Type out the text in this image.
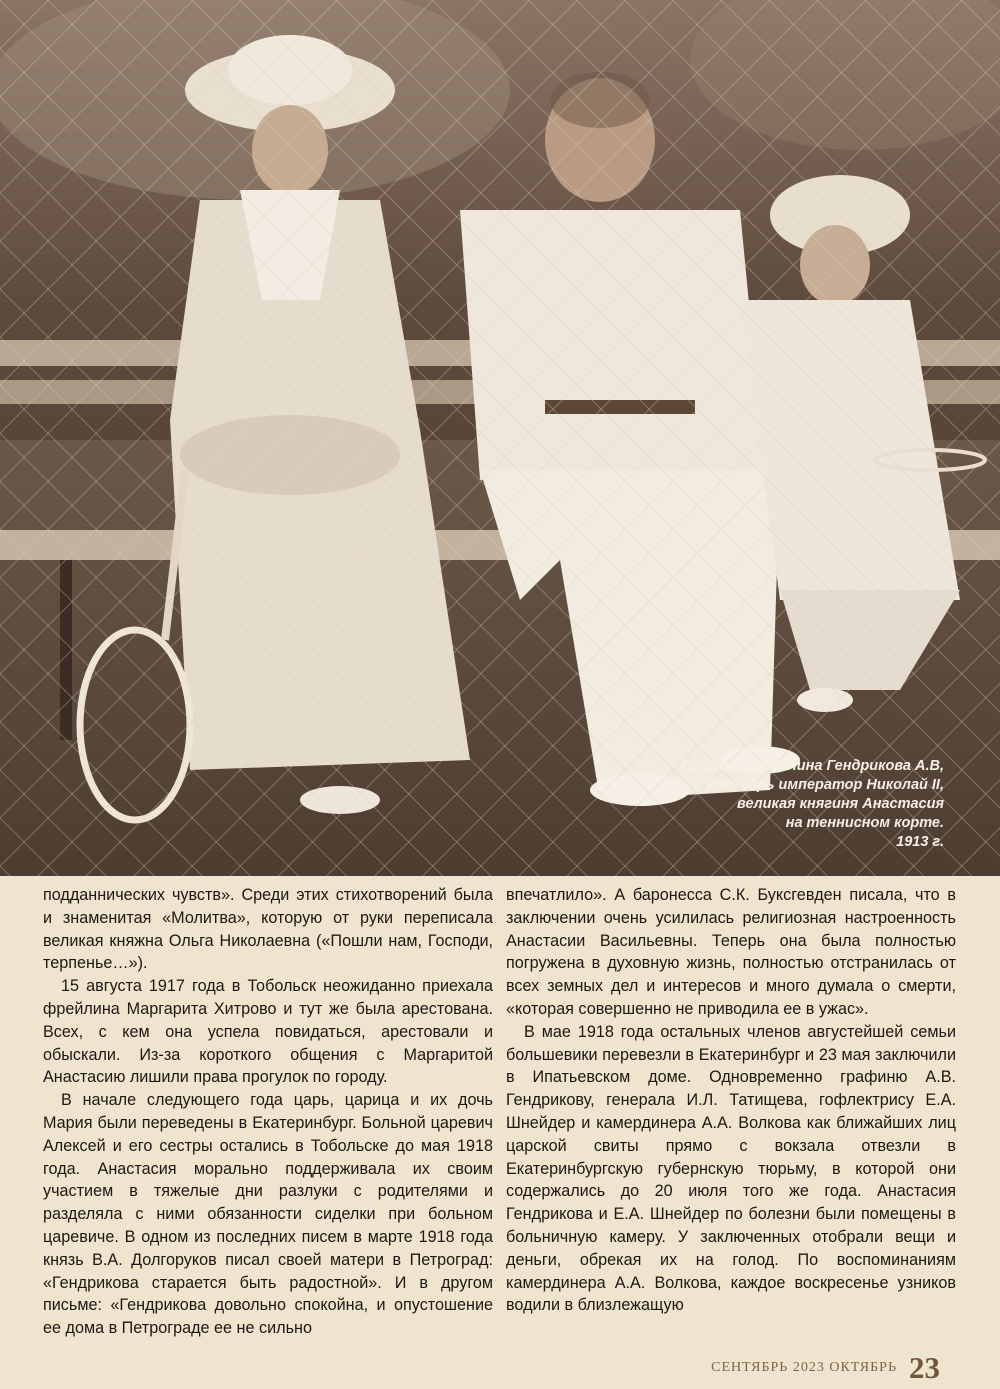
Графиня фрейлина Гендрикова А.В,
Государь император Николай II,
великая княгиня Анастасия
на теннисном корте.
1913 г.

подданнических чувств». Среди этих стихотворений была и знаменитая «Молитва», которую от руки переписала великая княжна Ольга Николаевна («Пошли нам, Господи, терпенье…»).

15 августа 1917 года в Тобольск неожиданно приехала фрейлина Маргарита Хитрово и тут же была арестована. Всех, с кем она успела повидаться, арестовали и обыскали. Из-за короткого общения с Маргаритой Анастасию лишили права прогулок по городу.

В начале следующего года царь, царица и их дочь Мария были переведены в Екатеринбург. Больной царевич Алексей и его сестры остались в Тобольске до мая 1918 года. Анастасия морально поддерживала их своим участием в тяжелые дни разлуки с родителями и разделяла с ними обязанности сиделки при больном царевиче. В одном из последних писем в марте 1918 года князь В.А. Долгоруков писал своей матери в Петроград: «Гендрикова старается быть радостной». И в другом письме: «Гендрикова довольно спокойна, и опустошение ее дома в Петрограде ее не сильно

впечатлило». А баронесса С.К. Буксгевден писала, что в заключении очень усилилась религиозная настроенность Анастасии Васильевны. Теперь она была полностью погружена в духовную жизнь, полностью отстранилась от всех земных дел и интересов и много думала о смерти, «которая совершенно не приводила ее в ужас».

В мае 1918 года остальных членов августейшей семьи большевики перевезли в Екатеринбург и 23 мая заключили в Ипатьевском доме. Одновременно графиню А.В. Гендрикову, генерала И.Л. Татищева, гофлектрису Е.А. Шнейдер и камердинера А.А. Волкова как ближайших лиц царской свиты прямо с вокзала отвезли в Екатеринбургскую губернскую тюрьму, в которой они содержались до 20 июля того же года. Анастасия Гендрикова и Е.А. Шнейдер по болезни были помещены в больничную камеру. У заключенных отобрали вещи и деньги, обрекая их на голод. По воспоминаниям камердинера А.А. Волкова, каждое воскресенье узников водили в близлежащую

СЕНТЯБРЬ 2023 ОКТЯБРЬ 23
